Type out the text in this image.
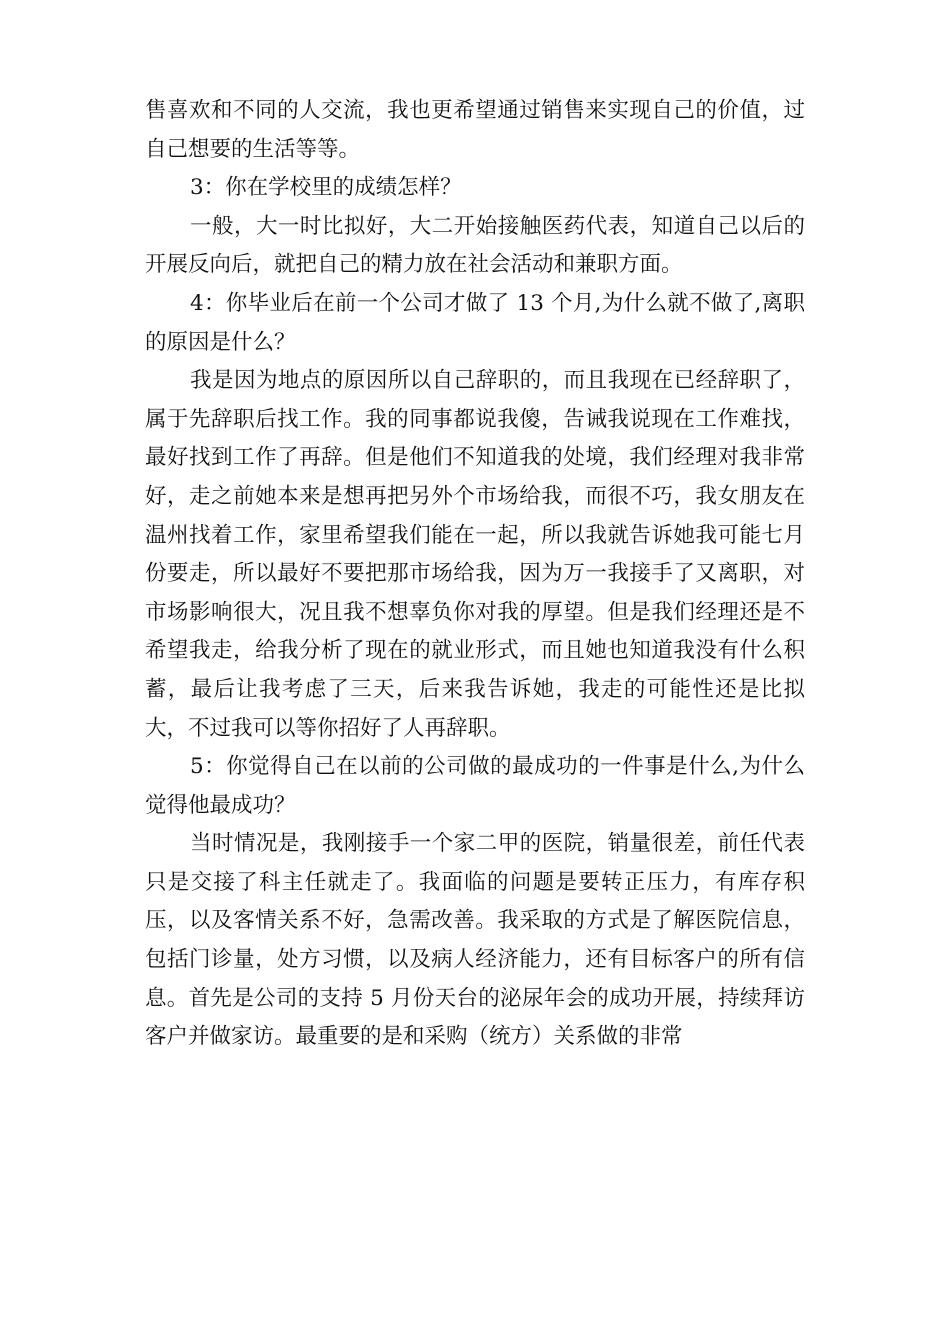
售喜欢和不同的人交流，我也更希望通过销售来实现自己的价值，过自己想要的生活等等。

3：你在学校里的成绩怎样？

一般，大一时比拟好，大二开始接触医药代表，知道自己以后的开展反向后，就把自己的精力放在社会活动和兼职方面。

4：你毕业后在前一个公司才做了 13 个月,为什么就不做了,离职的原因是什么？

我是因为地点的原因所以自己辞职的，而且我现在已经辞职了，属于先辞职后找工作。我的同事都说我傻，告诫我说现在工作难找，最好找到工作了再辞。但是他们不知道我的处境，我们经理对我非常好，走之前她本来是想再把另外个市场给我，而很不巧，我女朋友在温州找着工作，家里希望我们能在一起，所以我就告诉她我可能七月份要走，所以最好不要把那市场给我，因为万一我接手了又离职，对市场影响很大，况且我不想辜负你对我的厚望。但是我们经理还是不希望我走，给我分析了现在的就业形式，而且她也知道我没有什么积蓄，最后让我考虑了三天，后来我告诉她，我走的可能性还是比拟大，不过我可以等你招好了人再辞职。

5：你觉得自己在以前的公司做的最成功的一件事是什么,为什么觉得他最成功？

当时情况是，我刚接手一个家二甲的医院，销量很差，前任代表只是交接了科主任就走了。我面临的问题是要转正压力，有库存积压，以及客情关系不好，急需改善。我采取的方式是了解医院信息，包括门诊量，处方习惯，以及病人经济能力，还有目标客户的所有信息。首先是公司的支持 5 月份天台的泌尿年会的成功开展，持续拜访客户并做家访。最重要的是和采购（统方）关系做的非常
